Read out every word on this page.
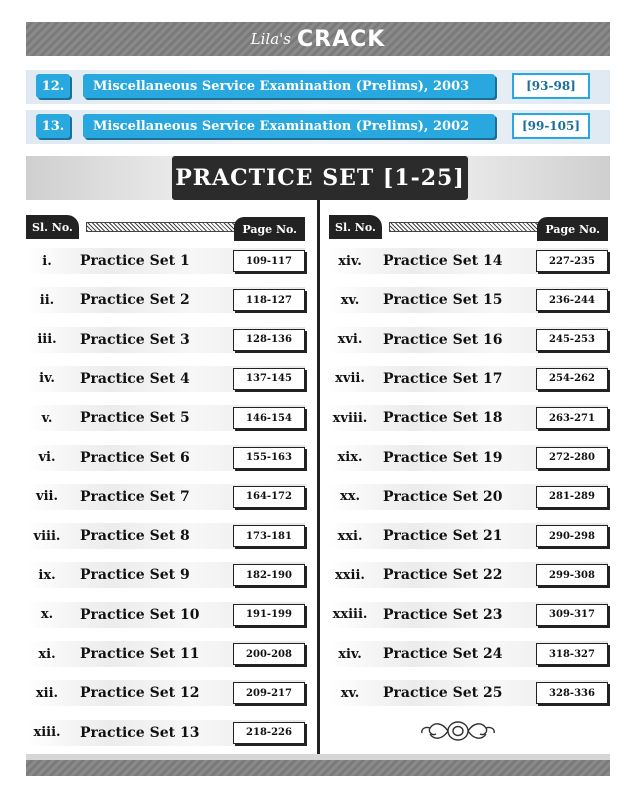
Lila's CRACK
12.	Miscellaneous Service Examination (Prelims), 2003	[93-98]
13.	Miscellaneous Service Examination (Prelims), 2002	[99-105]
PRACTICE SET [1-25]
Sl. No.	Page No.	Sl. No.	Page No.
i.	Practice Set 1	109-117
ii.	Practice Set 2	118-127
iii.	Practice Set 3	128-136
iv.	Practice Set 4	137-145
v.	Practice Set 5	146-154
vi.	Practice Set 6	155-163
vii.	Practice Set 7	164-172
viii.	Practice Set 8	173-181
ix.	Practice Set 9	182-190
x.	Practice Set 10	191-199
xi.	Practice Set 11	200-208
xii.	Practice Set 12	209-217
xiii.	Practice Set 13	218-226
xiv.	Practice Set 14	227-235
xv.	Practice Set 15	236-244
xvi.	Practice Set 16	245-253
xvii.	Practice Set 17	254-262
xviii. Practice Set 18	263-271
xix.	Practice Set 19	272-280
xx.	Practice Set 20	281-289
xxi.	Practice Set 21	290-298
xxii.	Practice Set 22	299-308
xxiii. Practice Set 23	309-317
xiv.	Practice Set 24	318-327
xv.	Practice Set 25	328-336
